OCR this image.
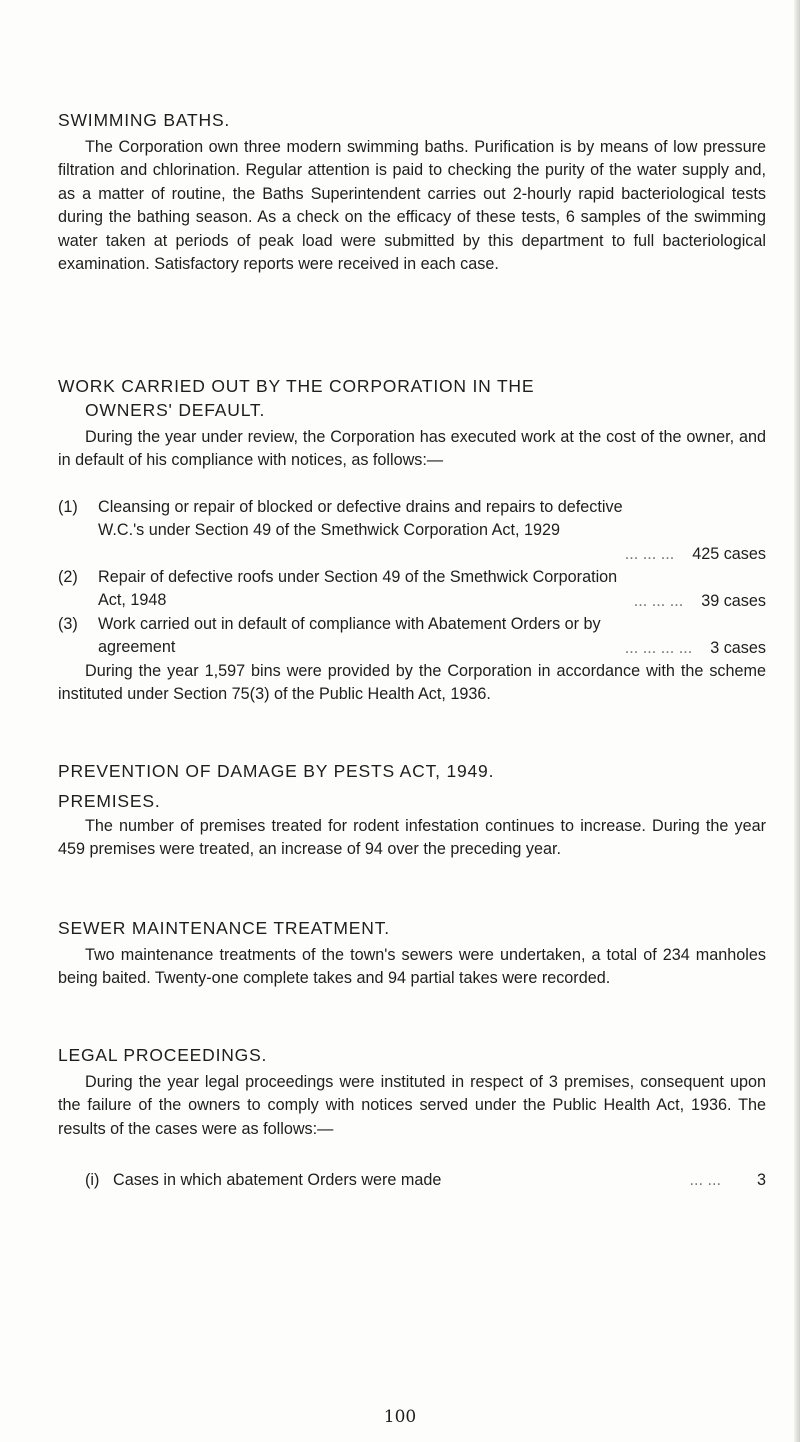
SWIMMING BATHS.
The Corporation own three modern swimming baths. Purification is by means of low pressure filtration and chlorination. Regular attention is paid to checking the purity of the water supply and, as a matter of routine, the Baths Superintendent carries out 2-hourly rapid bacteriological tests during the bathing season. As a check on the efficacy of these tests, 6 samples of the swimming water taken at periods of peak load were submitted by this department to full bacteriological examination. Satisfactory reports were received in each case.
WORK CARRIED OUT BY THE CORPORATION IN THE
OWNERS' DEFAULT.
During the year under review, the Corporation has executed work at the cost of the owner, and in default of his compliance with notices, as follows:—
(1) Cleansing or repair of blocked or defective drains and repairs to defective W.C.'s under Section 49 of the Smethwick Corporation Act, 1929
... ... ... 425 cases
(2) Repair of defective roofs under Section 49 of the Smethwick Corporation Act, 1948	... ... ... 39 cases
(3) Work carried out in default of compliance with Abatement Orders or by agreement	... ... ... ... 3 cases
During the year 1,597 bins were provided by the Corporation in accordance with the scheme instituted under Section 75(3) of the Public Health Act, 1936.
PREVENTION OF DAMAGE BY PESTS ACT, 1949.
PREMISES.
The number of premises treated for rodent infestation continues to increase. During the year 459 premises were treated, an increase of 94 over the preceding year.
SEWER MAINTENANCE TREATMENT.
Two maintenance treatments of the town's sewers were undertaken, a total of 234 manholes being baited. Twenty-one complete takes and 94 partial takes were recorded.
LEGAL PROCEEDINGS.
During the year legal proceedings were instituted in respect of 3 premises, consequent upon the failure of the owners to comply with notices served under the Public Health Act, 1936. The results of the cases were as follows:—
(i) Cases in which abatement Orders were made	... ... 3
100
